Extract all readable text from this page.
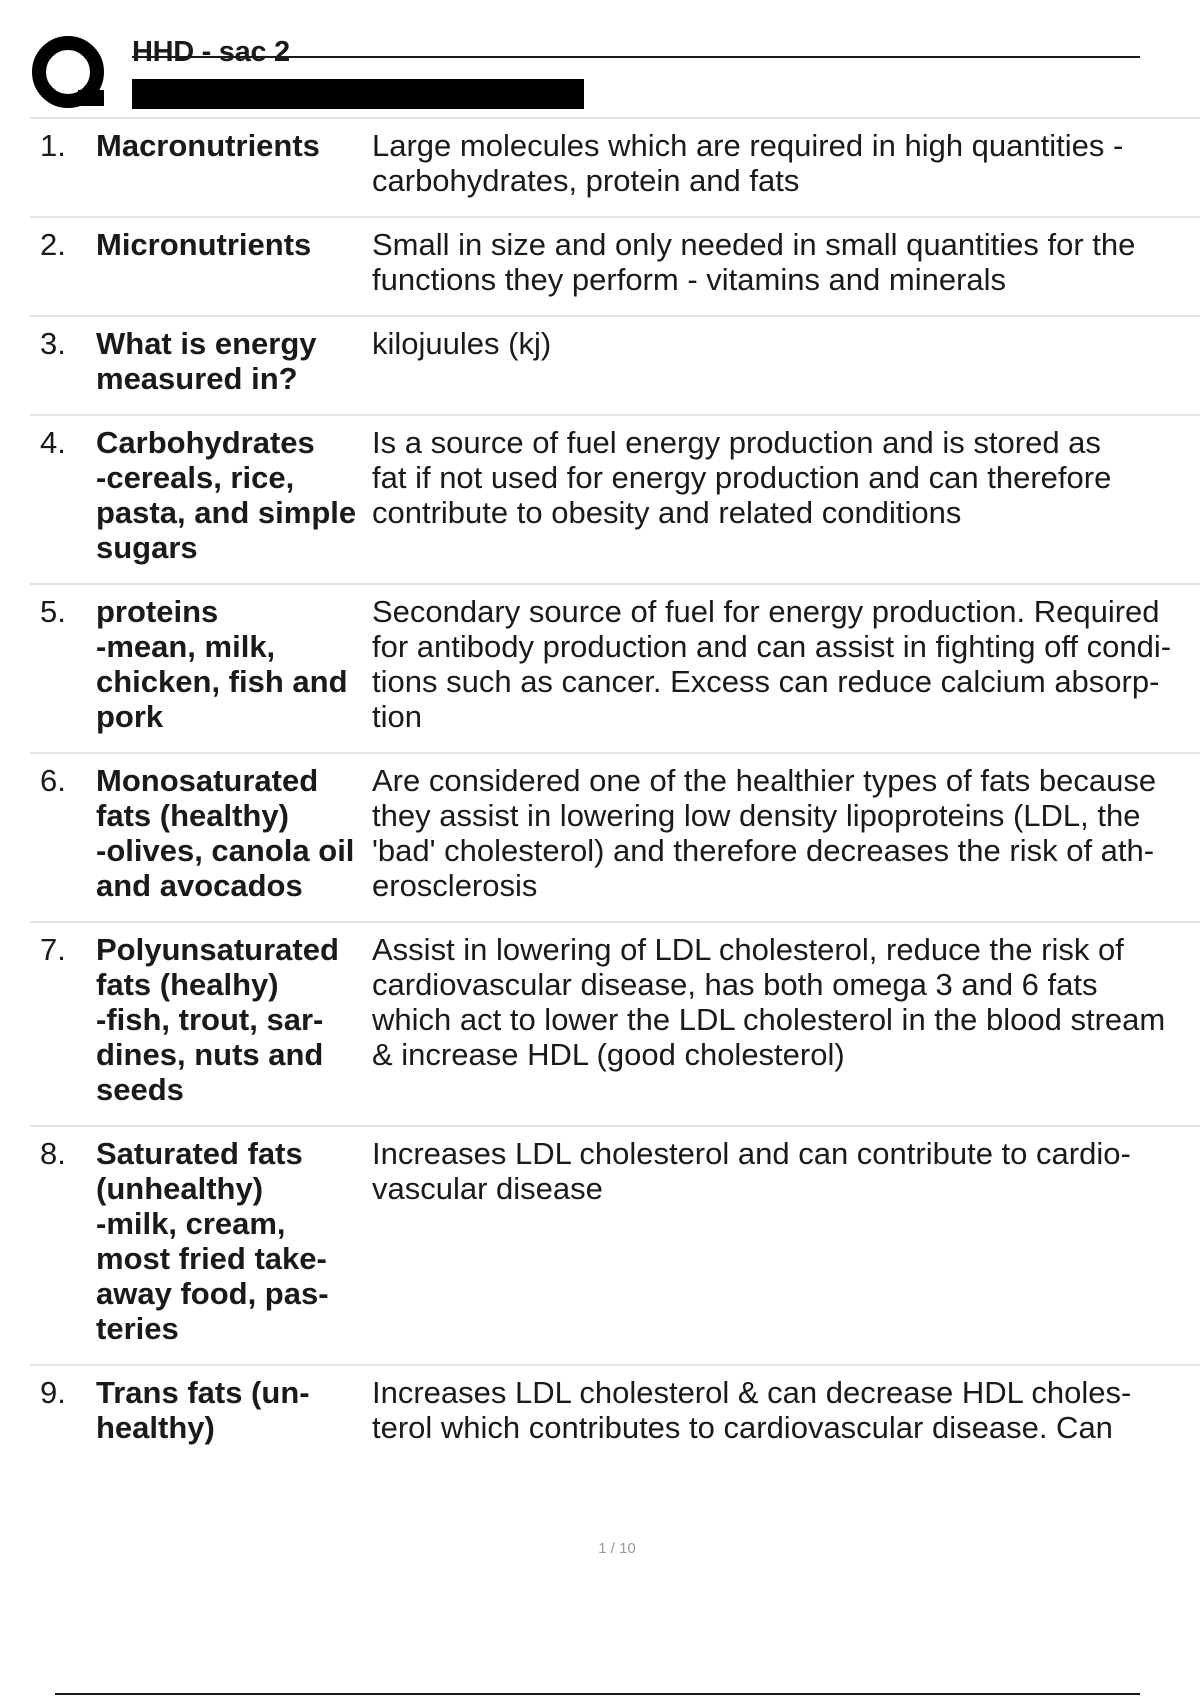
HHD - sac 2
1. Macronutrients	Large molecules which are required in high quantities -
carbohydrates, protein and fats
2. Micronutrients	Small in size and only needed in small quantities for the
functions they perform - vitamins and minerals
3. What is energy
measured in?
kilojuules (kj)
4. Carbohydrates
-cereals, rice,
pasta, and simple
sugars
Is a source of fuel energy production and is stored as
fat if not used for energy production and can therefore
contribute to obesity and related conditions
5. proteins
-mean, milk,
chicken, fish and
pork
Secondary source of fuel for energy production. Required
for antibody production and can assist in fighting off condi-
tions such as cancer. Excess can reduce calcium absorp-
tion
6. Monosaturated
fats (healthy)
-olives, canola oil
and avocados
Are considered one of the healthier types of fats because
they assist in lowering low density lipoproteins (LDL, the
'bad' cholesterol) and therefore decreases the risk of ath-
erosclerosis
7. Polyunsaturated
fats (healhy)
-fish, trout, sar-
dines, nuts and
seeds
Assist in lowering of LDL cholesterol, reduce the risk of
cardiovascular disease, has both omega 3 and 6 fats
which act to lower the LDL cholesterol in the blood stream
& increase HDL (good cholesterol)
8. Saturated fats
(unhealthy)
-milk, cream,
most fried take-
away food, pas-
teries
Increases LDL cholesterol and can contribute to cardio-
vascular disease
9. Trans fats (un-
healthy)
Increases LDL cholesterol & can decrease HDL choles-
terol which contributes to cardiovascular disease. Can
1 / 10
